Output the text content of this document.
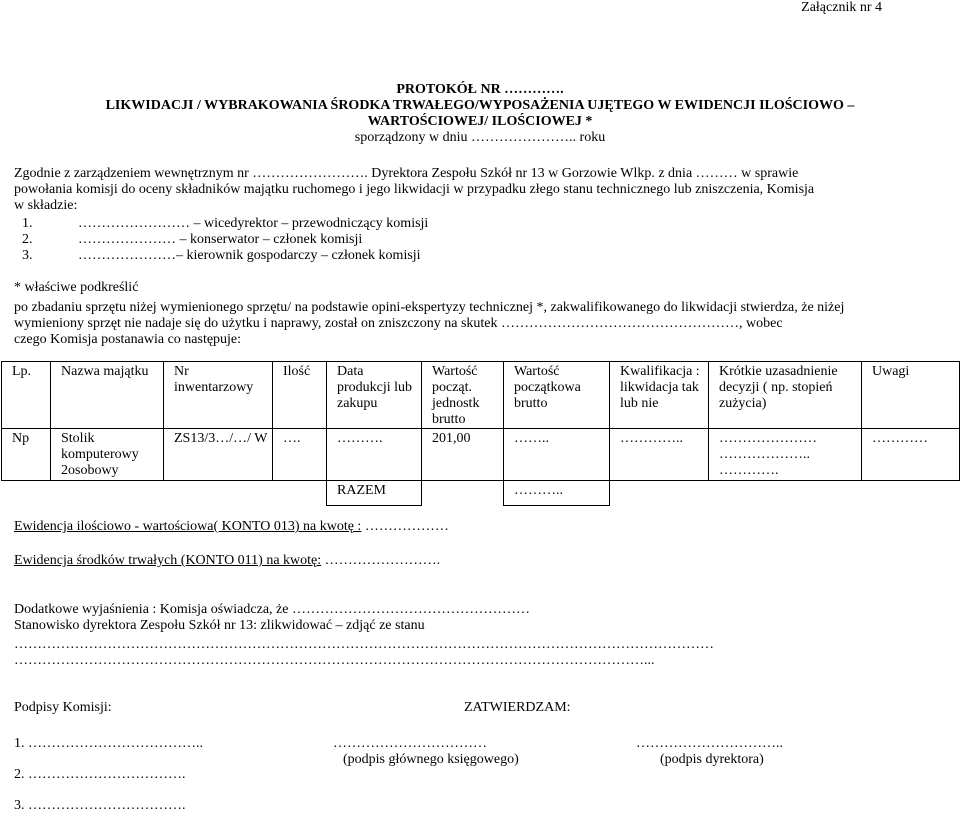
Załącznik nr 4
PROTOKÓŁ NR ………….
LIKWIDACJI / WYBRAKOWANIA ŚRODKA TRWAŁEGO/WYPOSAŻENIA UJĘTEGO W EWIDENCJI ILOŚCIOWO –
WARTOŚCIOWEJ/ ILOŚCIOWEJ *
sporządzony w dniu ………………….. roku
Zgodnie z zarządzeniem wewnętrznym nr ……………………. Dyrektora Zespołu Szkół nr 13 w Gorzowie Wlkp. z dnia ……… w sprawie
powołania komisji do oceny składników majątku ruchomego i jego likwidacji w przypadku złego stanu technicznego lub zniszczenia, Komisja
w składzie:
1.	…………………… – wicedyrektor – przewodniczący komisji
2.	………………… – konserwator – członek komisji
3.	…………………– kierownik gospodarczy – członek komisji
* właściwe podkreślić
po zbadaniu sprzętu niżej wymienionego sprzętu/ na podstawie opini-ekspertyzy technicznej *, zakwalifikowanego do likwidacji stwierdza, że niżej
wymieniony sprzęt nie nadaje się do użytku i naprawy, został on zniszczony na skutek ……………………………………………, wobec
czego Komisja postanawia co następuje:
Lp.	Nazwa majątku	Nr inwentarzowy	Ilość	Data produkcji lub zakupu	Wartość począt. jednostk brutto	Wartość początkowa brutto	Kwalifikacja : likwidacja tak lub nie	Krótkie uzasadnienie decyzji ( np. stopień zużycia)	Uwagi
Np	Stolik komputerowy 2osobowy	ZS13/3…/…/ W	….	……….	201,00	……..	…………..	………………… ……………….. ………….	…………
				RAZEM		………..			
Ewidencja ilościowo - wartościowa( KONTO 013) na kwotę : ………………
Ewidencja środków trwałych (KONTO 011) na kwotę: …………………….
Dodatkowe wyjaśnienia : Komisja oświadcza, że ……………………………………………
Stanowisko dyrektora Zespołu Szkół nr 13: zlikwidować – zdjąć ze stanu
……………………………………………………………………………………………………………………………………
………………………………………………………………………………………………………………………...
Podpisy Komisji:	ZATWIERDZAM:
1. ………………………………..	……………………………	…………………………..
(podpis głównego księgowego)	(podpis dyrektora)
2. …………………………….
3. …………………………….
